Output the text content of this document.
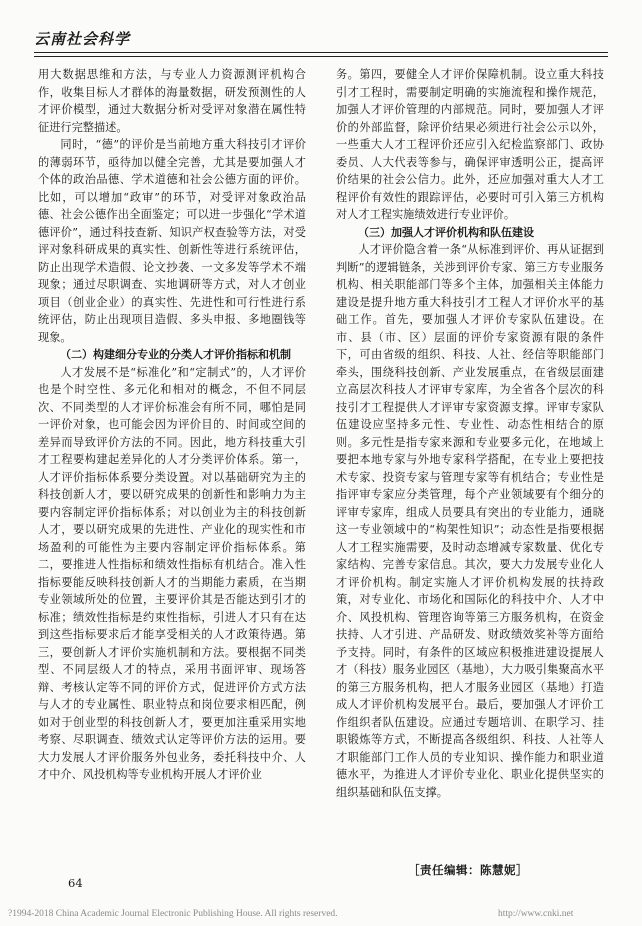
云南社会科学

用大数据思维和方法，与专业人力资源测评机构合作，收集目标人才群体的海量数据，研发预测性的人才评价模型，通过大数据分析对受评对象潜在属性特征进行完整描述。

同时，“德”的评价是当前地方重大科技引才评价的薄弱环节，亟待加以健全完善，尤其是要加强人才个体的政治品德、学术道德和社会公德方面的评价。比如，可以增加“政审”的环节，对受评对象政治品德、社会公德作出全面鉴定；可以进一步强化“学术道德评价”，通过科技查新、知识产权查验等方法，对受评对象科研成果的真实性、创新性等进行系统评估，防止出现学术造假、论文抄袭、一文多发等学术不端现象；通过尽职调查、实地调研等方式，对人才创业项目（创业企业）的真实性、先进性和可行性进行系统评估，防止出现项目造假、多头申报、多地圈钱等现象。

（二）构建细分专业的分类人才评价指标和机制

人才发展不是“标准化”和“定制式”的，人才评价也是个时空性、多元化和相对的概念，不但不同层次、不同类型的人才评价标准会有所不同，哪怕是同一评价对象，也可能会因为评价目的、时间或空间的差异而导致评价方法的不同。因此，地方科技重大引才工程要构建起差异化的人才分类评价体系。第一，人才评价指标体系要分类设置。对以基础研究为主的科技创新人才，要以研究成果的创新性和影响力为主要内容制定评价指标体系；对以创业为主的科技创新人才，要以研究成果的先进性、产业化的现实性和市场盈利的可能性为主要内容制定评价指标体系。第二，要推进人性指标和绩效性指标有机结合。准入性指标要能反映科技创新人才的当期能力素质，在当期专业领域所处的位置，主要评价其是否能达到引才的标准；绩效性指标是约束性指标，引进人才只有在达到这些指标要求后才能享受相关的人才政策待遇。第三，要创新人才评价实施机制和方法。要根据不同类型、不同层级人才的特点，采用书面评审、现场答辩、考核认定等不同的评价方式，促进评价方式方法与人才的专业属性、职业特点和岗位要求相匹配，例如对于创业型的科技创新人才，要更加注重采用实地考察、尽职调查、绩效式认定等评价方法的运用。要大力发展人才评价服务外包业务，委托科技中介、人才中介、风投机构等专业机构开展人才评价业

务。第四，要健全人才评价保障机制。设立重大科技引才工程时，需要制定明确的实施流程和操作规范，加强人才评价管理的内部规范。同时，要加强人才评价的外部监督，除评价结果必须进行社会公示以外，一些重大人才工程评价还应引入纪检监察部门、政协委员、人大代表等参与，确保评审透明公正，提高评价结果的社会公信力。此外，还应加强对重大人才工程评价有效性的跟踪评估，必要时可引入第三方机构对人才工程实施绩效进行专业评价。

（三）加强人才评价机构和队伍建设

人才评价隐含着一条“从标准到评价、再从证据到判断”的逻辑链条，关涉到评价专家、第三方专业服务机构、相关职能部门等多个主体，加强相关主体能力建设是提升地方重大科技引才工程人才评价水平的基础工作。首先，要加强人才评价专家队伍建设。在市、县（市、区）层面的评价专家资源有限的条件下，可由省级的组织、科技、人社、经信等职能部门牵头，围绕科技创新、产业发展重点，在省级层面建立高层次科技人才评审专家库，为全省各个层次的科技引才工程提供人才评审专家资源支撑。评审专家队伍建设应坚持多元性、专业性、动态性相结合的原则。多元性是指专家来源和专业要多元化，在地域上要把本地专家与外地专家科学搭配，在专业上要把技术专家、投资专家与管理专家等有机结合；专业性是指评审专家应分类管理，每个产业领域要有个细分的评审专家库，组成人员要具有突出的专业能力，通晓这一专业领域中的“构架性知识”；动态性是指要根据人才工程实施需要，及时动态增减专家数量、优化专家结构、完善专家信息。其次，要大力发展专业化人才评价机构。制定实施人才评价机构发展的扶持政策，对专业化、市场化和国际化的科技中介、人才中介、风投机构、管理咨询等第三方服务机构，在资金扶持、人才引进、产品研发、财政绩效奖补等方面给予支持。同时，有条件的区域应积极推进建设提展人才（科技）服务业园区（基地），大力吸引集聚高水平的第三方服务机构，把人才服务业园区（基地）打造成人才评价机构发展平台。最后，要加强人才评价工作组织者队伍建设。应通过专题培训、在职学习、挂职锻炼等方式，不断提高各级组织、科技、人社等人才职能部门工作人员的专业知识、操作能力和职业道德水平，为推进人才评价专业化、职业化提供坚实的组织基础和队伍支撑。

［责任编辑：陈慧妮］
64
?1994-2018 China Academic Journal Electronic Publishing House. All rights reserved.	http://www.cnki.net
